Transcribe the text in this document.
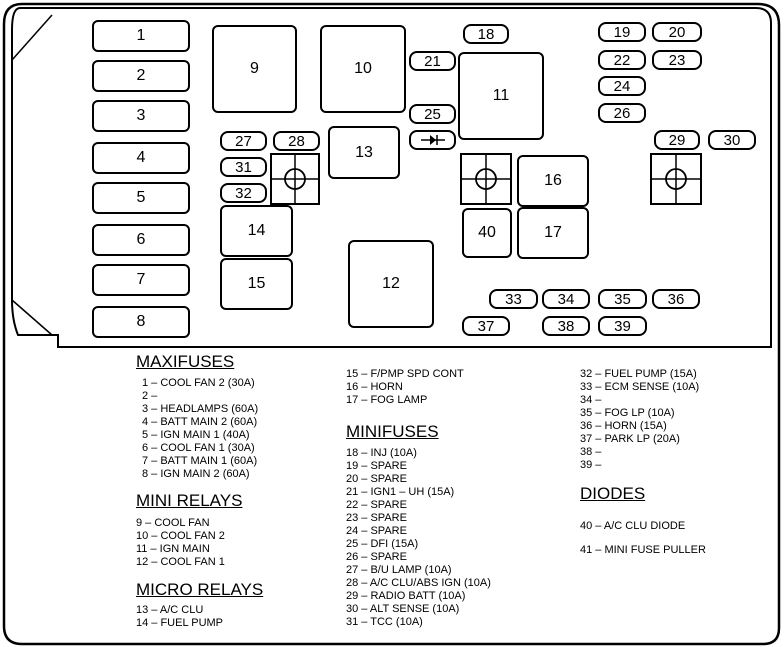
1
2
3
4
5
6
7
8
9	10
11
13
14
15	12
16
17
40
18
21
25
19	20
22	23
24
26
29	30
27	28
31
32
33	34	35	36
37	38	39
MAXIFUSES
1 – COOL FAN 2 (30A)
2 –
3 – HEADLAMPS (60A)
4 – BATT MAIN 2 (60A)
5 – IGN MAIN 1 (40A)
6 – COOL FAN 1 (30A)
7 – BATT MAIN 1 (60A)
8 – IGN MAIN 2 (60A)
MINI RELAYS
9 – COOL FAN
10 – COOL FAN 2
11 – IGN MAIN
12 – COOL FAN 1
MICRO RELAYS
13 – A/C CLU
14 – FUEL PUMP
15 – F/PMP SPD CONT
16 – HORN
17 – FOG LAMP
MINIFUSES
18 – INJ (10A)
19 – SPARE
20 – SPARE
21 – IGN1 – UH (15A)
22 – SPARE
23 – SPARE
24 – SPARE
25 – DFI (15A)
26 – SPARE
27 – B/U LAMP (10A)
28 – A/C CLU/ABS IGN (10A)
29 – RADIO BATT (10A)
30 – ALT SENSE (10A)
31 – TCC (10A)
32 – FUEL PUMP (15A)
33 – ECM SENSE (10A)
34 –
35 – FOG LP (10A)
36 – HORN (15A)
37 – PARK LP (20A)
38 –
39 –
DIODES
40 – A/C CLU DIODE
41 – MINI FUSE PULLER
